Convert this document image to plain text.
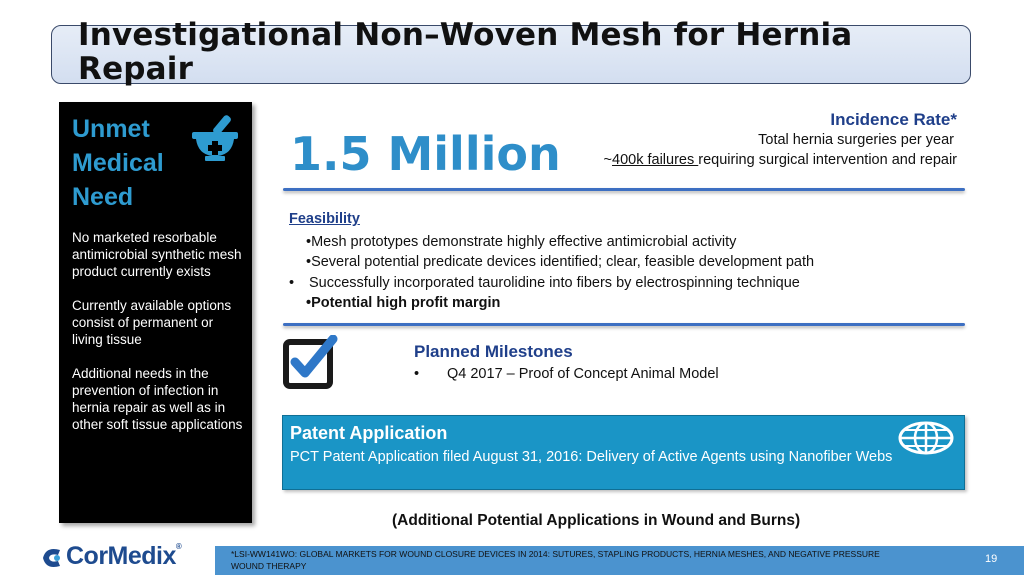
Investigational Non–Woven Mesh for Hernia Repair
Unmet Medical Need

No marketed resorbable antimicrobial synthetic mesh product currently exists

Currently available options consist of permanent or living tissue

Additional needs in the prevention of infection in hernia repair as well as in other soft tissue applications

1.5 Million
Incidence Rate*
Total hernia surgeries per year
~400k failures requiring surgical intervention and repair
Feasibility
•Mesh prototypes demonstrate highly effective antimicrobial activity
•Several potential predicate devices identified; clear, feasible development path
• Successfully incorporated taurolidine into fibers by electrospinning technique
•Potential high profit margin
Planned Milestones
• Q4 2017 – Proof of Concept Animal Model
Patent Application
PCT Patent Application filed August 31, 2016: Delivery of Active Agents using Nanofiber Webs
(Additional Potential Applications in Wound and Burns)
CorMedix®
*LSI-WW141WO: GLOBAL MARKETS FOR WOUND CLOSURE DEVICES IN 2014: SUTURES, STAPLING PRODUCTS, HERNIA MESHES, AND NEGATIVE PRESSURE WOUND THERAPY
19
